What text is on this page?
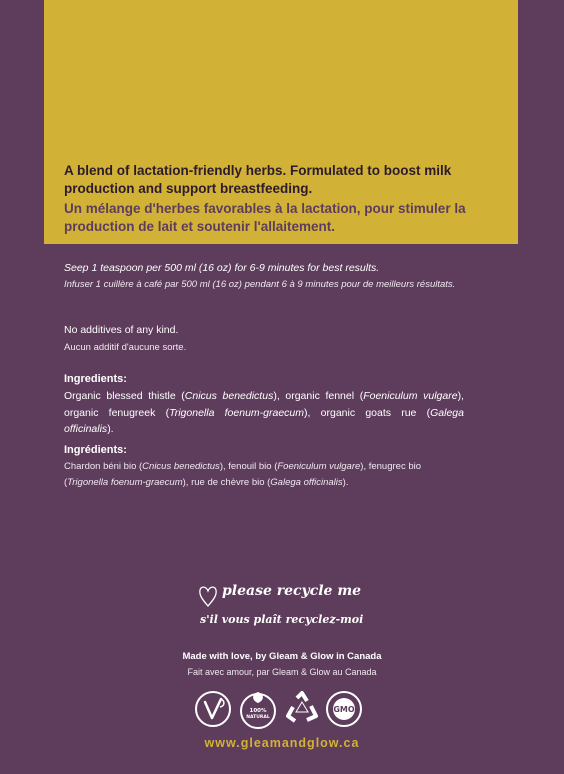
A blend of lactation-friendly herbs. Formulated to boost milk production and support breastfeeding.
Un mélange d'herbes favorables à la lactation, pour stimuler la production de lait et soutenir l'allaitement.
Seep 1 teaspoon per 500 ml (16 oz) for 6-9 minutes for best results.
Infuser 1 cuillère à café par 500 ml (16 oz) pendant 6 à 9 minutes pour de meilleurs résultats.
No additives of any kind.
Aucun additif d'aucune sorte.
Ingredients:
Organic blessed thistle (Cnicus benedictus), organic fennel (Foeniculum vulgare), organic fenugreek (Trigonella foenum-graecum), organic goats rue (Galega officinalis).
Ingrédients:
Chardon béni bio (Cnicus benedictus), fenouil bio (Foeniculum vulgare), fenugrec bio (Trigonella foenum-graecum), rue de chèvre bio (Galega officinalis).
please recycle me
s'il vous plaît recyclez-moi
Made with love, by Gleam & Glow in Canada
Fait avec amour, par Gleam & Glow au Canada
100%
NATURAL
GMO
www.gleamandglow.ca
